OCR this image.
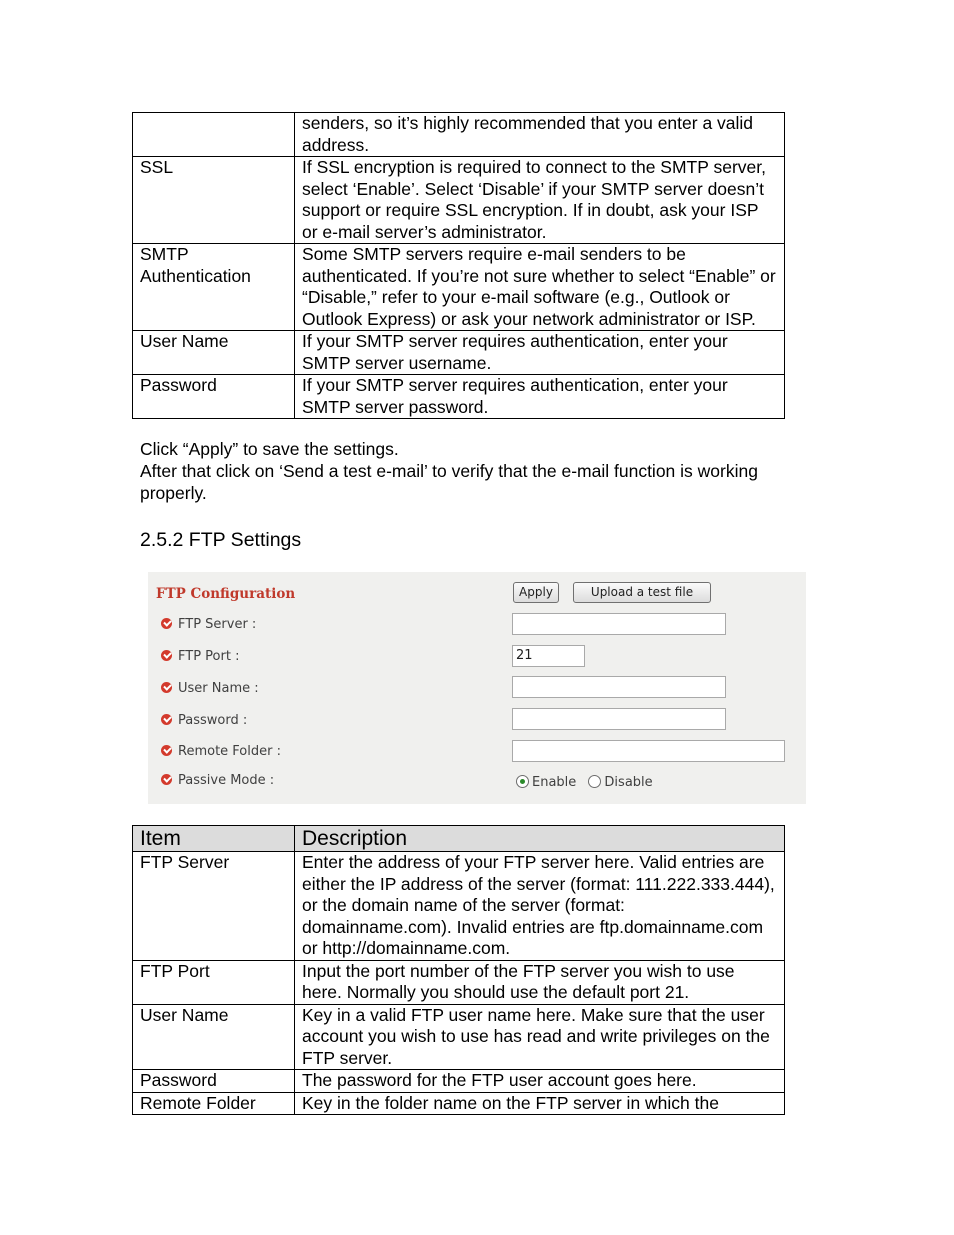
	senders, so it’s highly recommended that you enter a valid address.
SSL	If SSL encryption is required to connect to the SMTP server, select ‘Enable’. Select ‘Disable’ if your SMTP server doesn’t support or require SSL encryption. If in doubt, ask your ISP or e-mail server’s administrator.
SMTP Authentication	Some SMTP servers require e-mail senders to be authenticated. If you’re not sure whether to select “Enable” or “Disable,” refer to your e-mail software (e.g., Outlook or Outlook Express) or ask your network administrator or ISP.
User Name	If your SMTP server requires authentication, enter your SMTP server username.
Password	If your SMTP server requires authentication, enter your SMTP server password.
Click “Apply” to save the settings.
After that click on ‘Send a test e-mail’ to verify that the e-mail function is working properly.
2.5.2 FTP Settings
FTP Configuration	Apply	Upload a test file
FTP Server :
FTP Port :	21
User Name :
Password :
Remote Folder :
Passive Mode :	Enable Disable
Item	Description
FTP Server	Enter the address of your FTP server here. Valid entries are either the IP address of the server (format: 111.222.333.444), or the domain name of the server (format: domainname.com). Invalid entries are ftp.domainname.com or http://domainname.com.
FTP Port	Input the port number of the FTP server you wish to use here. Normally you should use the default port 21.
User Name	Key in a valid FTP user name here. Make sure that the user account you wish to use has read and write privileges on the FTP server.
Password	The password for the FTP user account goes here.
Remote Folder	Key in the folder name on the FTP server in which the
